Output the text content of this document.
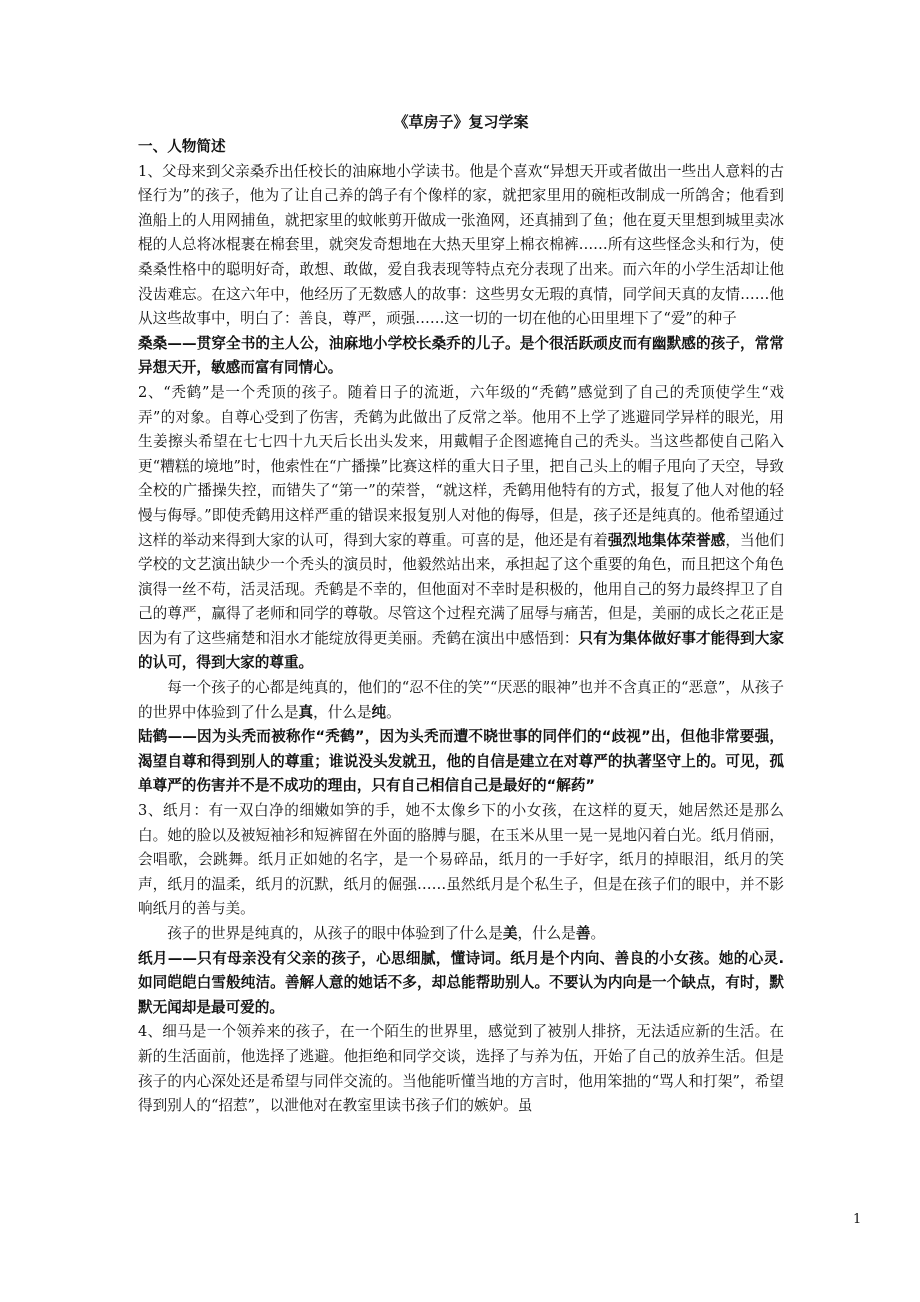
《草房子》复习学案

一、人物简述

1、父母来到父亲桑乔出任校长的油麻地小学读书。他是个喜欢“异想天开或者做出一些出人意料的古怪行为”的孩子，他为了让自己养的鸽子有个像样的家，就把家里用的碗柜改制成一所鸽舍；他看到渔船上的人用网捕鱼，就把家里的蚊帐剪开做成一张渔网，还真捕到了鱼；他在夏天里想到城里卖冰棍的人总将冰棍裹在棉套里，就突发奇想地在大热天里穿上棉衣棉裤……所有这些怪念头和行为，使桑桑性格中的聪明好奇，敢想、敢做，爱自我表现等特点充分表现了出来。而六年的小学生活却让他没齿难忘。在这六年中，他经历了无数感人的故事：这些男女无瑕的真情，同学间天真的友情……他从这些故事中，明白了：善良，尊严，顽强……这一切的一切在他的心田里埋下了“爱”的种子

桑桑——贯穿全书的主人公，油麻地小学校长桑乔的儿子。是个很活跃顽皮而有幽默感的孩子，常常异想天开，敏感而富有同情心。

2、“秃鹤”是一个秃顶的孩子。随着日子的流逝，六年级的“秃鹤”感觉到了自己的秃顶使学生“戏弄”的对象。自尊心受到了伤害，秃鹤为此做出了反常之举。他用不上学了逃避同学异样的眼光，用生姜擦头希望在七七四十九天后长出头发来，用戴帽子企图遮掩自己的秃头。当这些都使自己陷入更“糟糕的境地”时，他索性在“广播操”比赛这样的重大日子里，把自己头上的帽子甩向了天空，导致全校的广播操失控，而错失了“第一”的荣誉，“就这样，秃鹤用他特有的方式，报复了他人对他的轻慢与侮辱。”即使秃鹤用这样严重的错误来报复别人对他的侮辱，但是，孩子还是纯真的。他希望通过这样的举动来得到大家的认可，得到大家的尊重。可喜的是，他还是有着强烈地集体荣誉感，当他们学校的文艺演出缺少一个秃头的演员时，他毅然站出来，承担起了这个重要的角色，而且把这个角色演得一丝不苟，活灵活现。秃鹤是不幸的，但他面对不幸时是积极的，他用自己的努力最终捍卫了自己的尊严，赢得了老师和同学的尊敬。尽管这个过程充满了屈辱与痛苦，但是，美丽的成长之花正是因为有了这些痛楚和泪水才能绽放得更美丽。秃鹤在演出中感悟到：只有为集体做好事才能得到大家的认可，得到大家的尊重。

每一个孩子的心都是纯真的，他们的“忍不住的笑”“厌恶的眼神”也并不含真正的“恶意”，从孩子的世界中体验到了什么是真，什么是纯。

陆鹤——因为头秃而被称作“秃鹤”，因为头秃而遭不晓世事的同伴们的“歧视”出，但他非常要强，渴望自尊和得到别人的尊重；谁说没头发就丑，他的自信是建立在对尊严的执著坚守上的。可见，孤单尊严的伤害并不是不成功的理由，只有自己相信自己是最好的“解药”

3、纸月：有一双白净的细嫩如笋的手，她不太像乡下的小女孩，在这样的夏天，她居然还是那么白。她的脸以及被短袖衫和短裤留在外面的胳膊与腿，在玉米从里一晃一晃地闪着白光。纸月俏丽，会唱歌，会跳舞。纸月正如她的名字，是一个易碎品，纸月的一手好字，纸月的掉眼泪，纸月的笑声，纸月的温柔，纸月的沉默，纸月的倔强……虽然纸月是个私生子，但是在孩子们的眼中，并不影响纸月的善与美。

孩子的世界是纯真的，从孩子的眼中体验到了什么是美，什么是善。

纸月——只有母亲没有父亲的孩子，心思细腻，懂诗词。纸月是个内向、善良的小女孩。她的心灵.如同皑皑白雪般纯洁。善解人意的她话不多，却总能帮助别人。不要认为内向是一个缺点，有时，默默无闻却是最可爱的。

4、细马是一个领养来的孩子，在一个陌生的世界里，感觉到了被别人排挤，无法适应新的生活。在新的生活面前，他选择了逃避。他拒绝和同学交谈，选择了与养为伍，开始了自己的放养生活。但是孩子的内心深处还是希望与同伴交流的。当他能听懂当地的方言时，他用笨拙的“骂人和打架”，希望得到别人的“招惹”，以泄他对在教室里读书孩子们的嫉妒。虽

1
